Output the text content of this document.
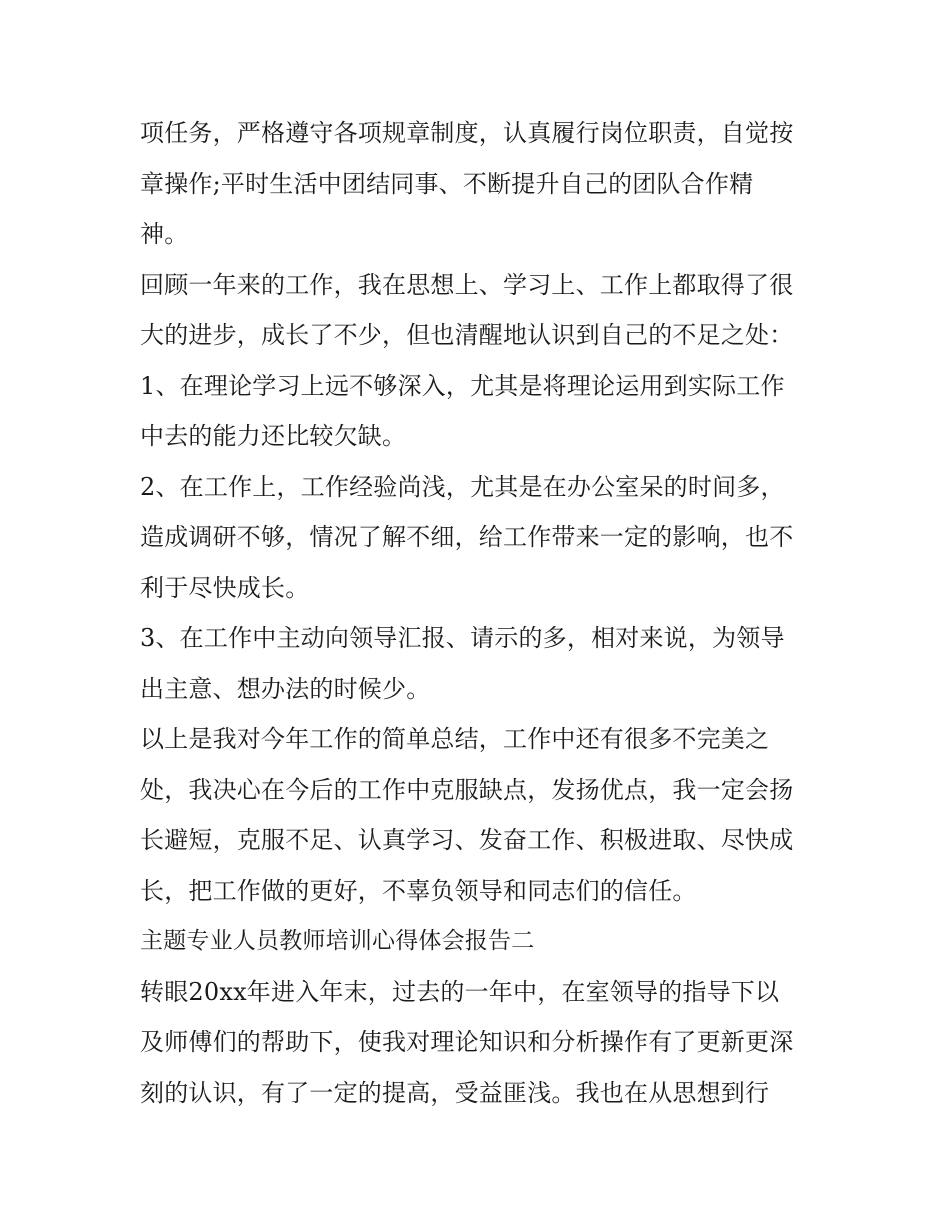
项任务，严格遵守各项规章制度，认真履行岗位职责，自觉按
章操作;平时生活中团结同事、不断提升自己的团队合作精
神。
回顾一年来的工作，我在思想上、学习上、工作上都取得了很
大的进步，成长了不少，但也清醒地认识到自己的不足之处：
1、在理论学习上远不够深入，尤其是将理论运用到实际工作
中去的能力还比较欠缺。
2、在工作上，工作经验尚浅，尤其是在办公室呆的时间多，
造成调研不够，情况了解不细，给工作带来一定的影响，也不
利于尽快成长。
3、在工作中主动向领导汇报、请示的多，相对来说，为领导
出主意、想办法的时候少。
以上是我对今年工作的简单总结，工作中还有很多不完美之
处，我决心在今后的工作中克服缺点，发扬优点，我一定会扬
长避短，克服不足、认真学习、发奋工作、积极进取、尽快成
长，把工作做的更好，不辜负领导和同志们的信任。
主题专业人员教师培训心得体会报告二
转眼20xx年进入年末，过去的一年中，在室领导的指导下以
及师傅们的帮助下，使我对理论知识和分析操作有了更新更深
刻的认识，有了一定的提高，受益匪浅。我也在从思想到行
